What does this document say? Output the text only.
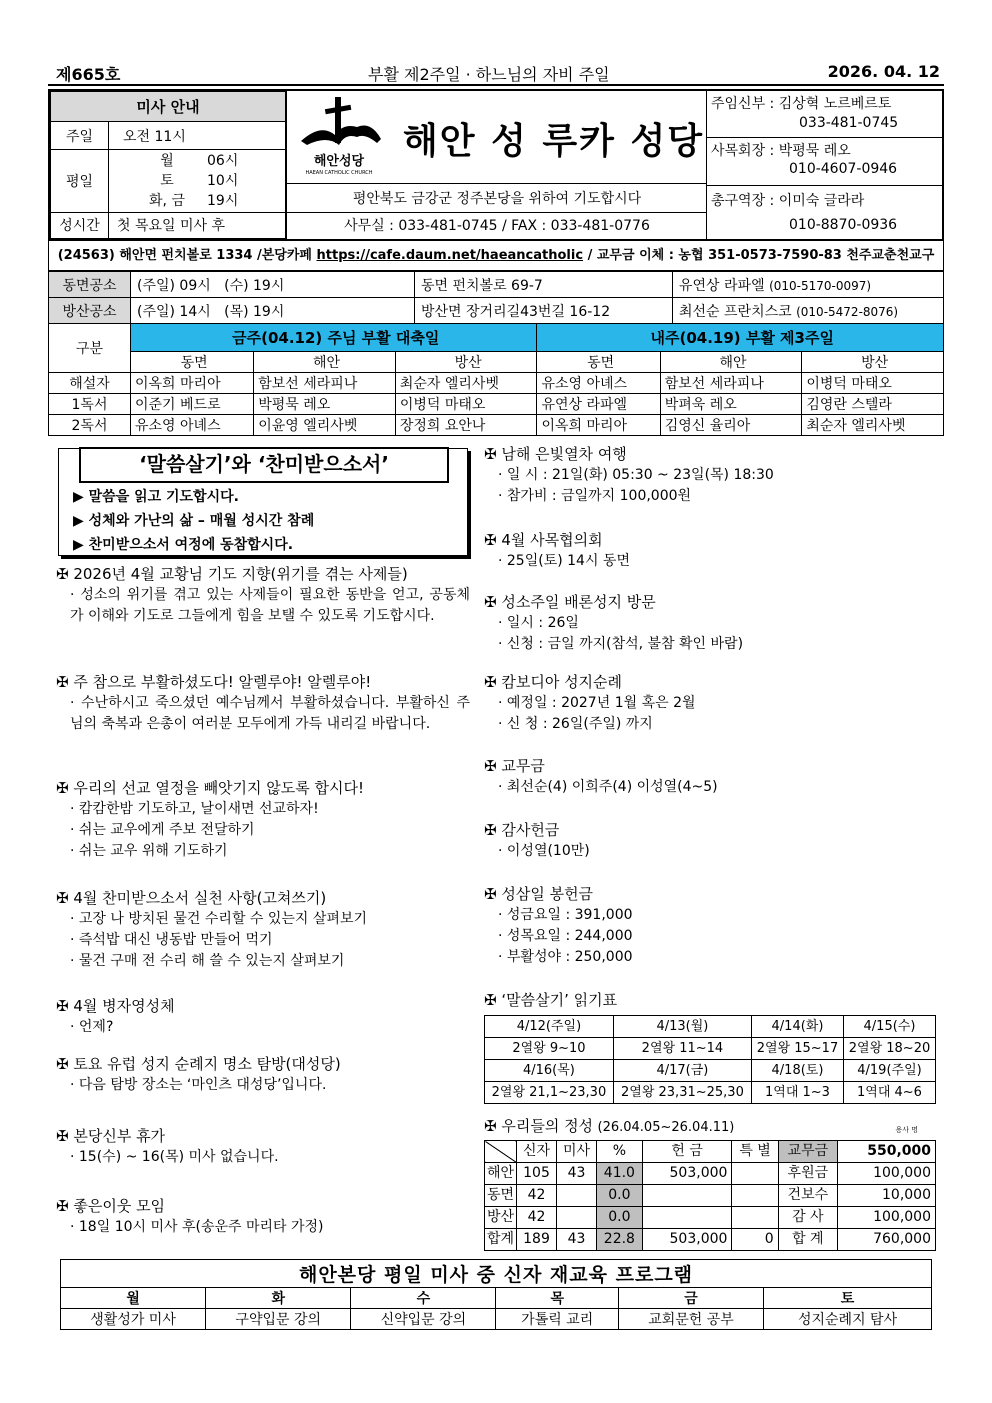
제665호	부활 제2주일 · 하느님의 자비 주일	2026. 04. 12
미사 안내	
주일	오전 11시
평일	월 06시
토 10시
화, 금 19시

성시간	첫 목요일 미사 후
해안성당
HAEAN CATHOLIC CHURCH
해안 성 루카 성당
평안북도 금강군 정주본당을 위하여 기도합시다
사무실 : 033-481-0745 / FAX : 033-481-0776
주임신부 : 김상혁 노르베르토
033-481-0745
사목회장 : 박평묵 레오
010-4607-0946
총구역장 : 이미숙 글라라
010-8870-0936
(24563) 해안면 펀치볼로 1334 /본당카페 https://cafe.daum.net/haeancatholic / 교무금 이체 : 농협 351-0573-7590-83 천주교춘천교구
동면공소	(주일) 09시 (수) 19시	동면 펀치볼로 69-7	유연상 라파엘 (010-5170-0097)
방산공소	(주일) 14시 (목) 19시	방산면 장거리길43번길 16-12	최선순 프란치스코 (010-5472-8076)
구분	금주(04.12) 주님 부활 대축일			내주(04.19) 부활 제3주일		
	동면	해안	방산	동면	해안	방산
해설자	이옥희 마리아	함보선 세라피나	최순자 엘리사벳	유소영 아녜스	함보선 세라피나	이병덕 마태오
1독서	이준기 베드로	박평묵 레오	이병덕 마태오	유연상 라파엘	박펴욱 레오	김영란 스텔라
2독서	유소영 아녜스	이윤영 엘리사벳	장정희 요안나	이옥희 마리아	김영신 율리아	최순자 엘리사벳
‘말씀살기’와 ‘찬미받으소서’
▶ 말씀을 읽고 기도합시다.
▶ 성체와 가난의 삶 – 매월 성시간 참례
▶ 찬미받으소서 여정에 동참합시다.
✠ 2026년 4월 교황님 기도 지향(위기를 겪는 사제들)

· 성소의 위기를 겪고 있는 사제들이 필요한 동반을 얻고, 공동체가 이해와 기도로 그들에게 힘을 보탤 수 있도록 기도합시다.

✠ 주 참으로 부활하셨도다! 알렐루야! 알렐루야!

· 수난하시고 죽으셨던 예수님께서 부활하셨습니다. 부활하신 주님의 축복과 은총이 여러분 모두에게 가득 내리길 바랍니다.

✠ 우리의 선교 열정을 빼앗기지 않도록 합시다!

· 캄캄한밤 기도하고, 날이새면 선교하자!

· 쉬는 교우에게 주보 전달하기

· 쉬는 교우 위해 기도하기

✠ 4월 찬미받으소서 실천 사항(고쳐쓰기)

· 고장 나 방치된 물건 수리할 수 있는지 살펴보기

· 즉석밥 대신 냉동밥 만들어 먹기

· 물건 구매 전 수리 해 쓸 수 있는지 살펴보기

✠ 4월 병자영성체

· 언제?

✠ 토요 유럽 성지 순례지 명소 탐방(대성당)

· 다음 탐방 장소는 ‘마인츠 대성당’입니다.

✠ 본당신부 휴가

· 15(수) ~ 16(목) 미사 없습니다.

✠ 좋은이웃 모임

· 18일 10시 미사 후(송운주 마리타 가정)

✠ 남해 은빛열차 여행

· 일 시 : 21일(화) 05:30 ~ 23일(목) 18:30

· 참가비 : 금일까지 100,000원

✠ 4월 사목협의회

· 25일(토) 14시 동면

✠ 성소주일 배론성지 방문

· 일시 : 26일

· 신청 : 금일 까지(참석, 불참 확인 바람)

✠ 캄보디아 성지순례

· 예정일 : 2027년 1월 혹은 2월

· 신 청 : 26일(주일) 까지

✠ 교무금

· 최선순(4) 이희주(4) 이성열(4~5)

✠ 감사헌금

· 이성열(10만)

✠ 성삼일 봉헌금

· 성금요일 : 391,000

· 성목요일 : 244,000

· 부활성야 : 250,000

✠ ‘말씀살기’ 읽기표
4/12(주일)	4/13(월)	4/14(화)	4/15(수)
2열왕 9~10	2열왕 11~14	2열왕 15~17	2열왕 18~20
4/16(목)	4/17(금)	4/18(토)	4/19(주일)
2열왕 21,1~23,30	2열왕 23,31~25,30	1역대 1~3	1역대 4~6
✠ 우리들의 정성 (26.04.05~26.04.11)	용사 명
	신자	미사	%	헌 금	특 별	교무금	550,000
해안	105	43	41.0	503,000		후원금	100,000
동면	42		0.0			건보수	10,000
방산	42		0.0			감 사	100,000
합계	189	43	22.8	503,000	0	합 계	760,000
해안본당 평일 미사 중 신자 재교육 프로그램					
월	화	수	목	금	토
생활성가 미사	구약입문 강의	신약입문 강의	가톨릭 교리	교회문헌 공부	성지순례지 탐사
